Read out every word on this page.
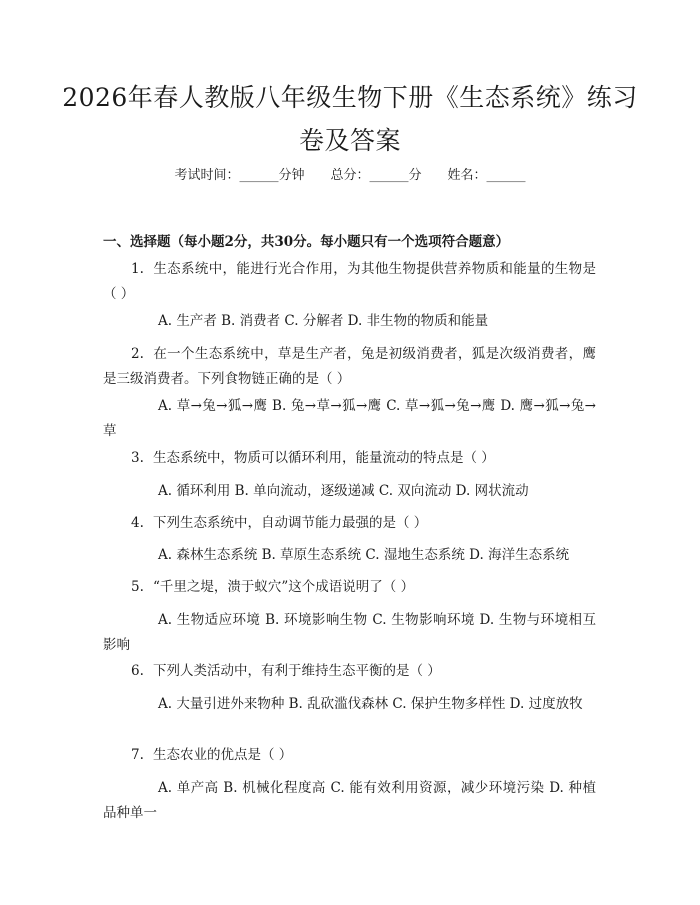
2026年春人教版八年级生物下册《生态系统》练习卷及答案
考试时间：______分钟　　总分：______分　　姓名：______
一、选择题（每小题2分，共30分。每小题只有一个选项符合题意）
1. 生态系统中，能进行光合作用，为其他生物提供营养物质和能量的生物是（ ）
A. 生产者 B. 消费者 C. 分解者 D. 非生物的物质和能量
2. 在一个生态系统中，草是生产者，兔是初级消费者，狐是次级消费者，鹰是三级消费者。下列食物链正确的是（ ）
A. 草→兔→狐→鹰 B. 兔→草→狐→鹰 C. 草→狐→兔→鹰 D. 鹰→狐→兔→草
3. 生态系统中，物质可以循环利用，能量流动的特点是（ ）
A. 循环利用 B. 单向流动，逐级递减 C. 双向流动 D. 网状流动
4. 下列生态系统中，自动调节能力最强的是（ ）
A. 森林生态系统 B. 草原生态系统 C. 湿地生态系统 D. 海洋生态系统
5. “千里之堤，溃于蚁穴”这个成语说明了（ ）
A. 生物适应环境 B. 环境影响生物 C. 生物影响环境 D. 生物与环境相互影响
6. 下列人类活动中，有利于维持生态平衡的是（ ）
A. 大量引进外来物种 B. 乱砍滥伐森林 C. 保护生物多样性 D. 过度放牧
7. 生态农业的优点是（ ）
A. 单产高 B. 机械化程度高 C. 能有效利用资源，减少环境污染 D. 种植品种单一
